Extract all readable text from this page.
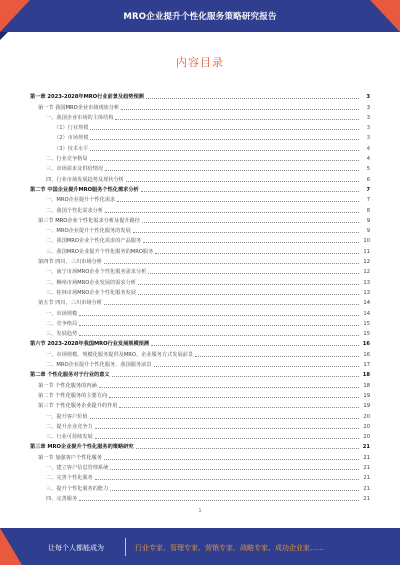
MRO企业提升个性化服务策略研究报告
内容目录
第一章 2023-2028年MRO行业前景及趋势预测	3
第一节 我国MRO企业市场现状分析	3
一、我国企业市场的主体结构	3
（1）行业规模	3
（2）市场规模	3
（3）技术水平	4
二、行业竞争格局	4
三、市场需求及供给情况	5
四、行业市场发展趋势及现状分析	6
第二节 中国企业提升MRO服务个性化需求分析	7
一、MRO企业提升个性化需求	7
二、我国个性化需求分析	8
第三节 MRO企业个性化需求分析及提升路径	9
一、MRO企业提升个性化服务的发展	9
二、我国MRO企业个性化需求的产品服务	10
三、我国MRO企业提升个性化服务的MRO服务	11
第四节 四川、三川市场分析	12
一、南宁市场MRO企业个性化服务需求分析	12
二、柳州市场MRO企业发展的需求分析	13
三、桂林市场MRO企业个性化服务发展	13
第五节 四川、三川市场分析	14
一、市场规模	14
二、竞争格局	15
三、发展趋势	15
第六节 2023-2028年我国MRO行业发展规模预测	16
一、市场规模、规模化服务提供及MRO、企业服务方式发展前景	16
二、MRO企业提升个性化服务、我国服务前景	17
第二章 个性化服务对于行业的意义	18
第一节 个性化服务的内涵	18
第二节 个性化服务的主要方向	19
第三节 个性化服务企业提升的作用	19
一、提升客户价值	20
二、提升企业竞争力	20
三、行业可持续发展	20
第三章 MRO企业提升个性化服务的策略研究	21
第一节 加强客户个性化服务	21
一、建立客户信息管理系统	21
二、完善个性化服务	21
三、提升个性化服务的能力	21
四、完善服务	21
1
让每个人都能成为	行业专家、管理专家、营销专家、战略专家、成功企业家……
